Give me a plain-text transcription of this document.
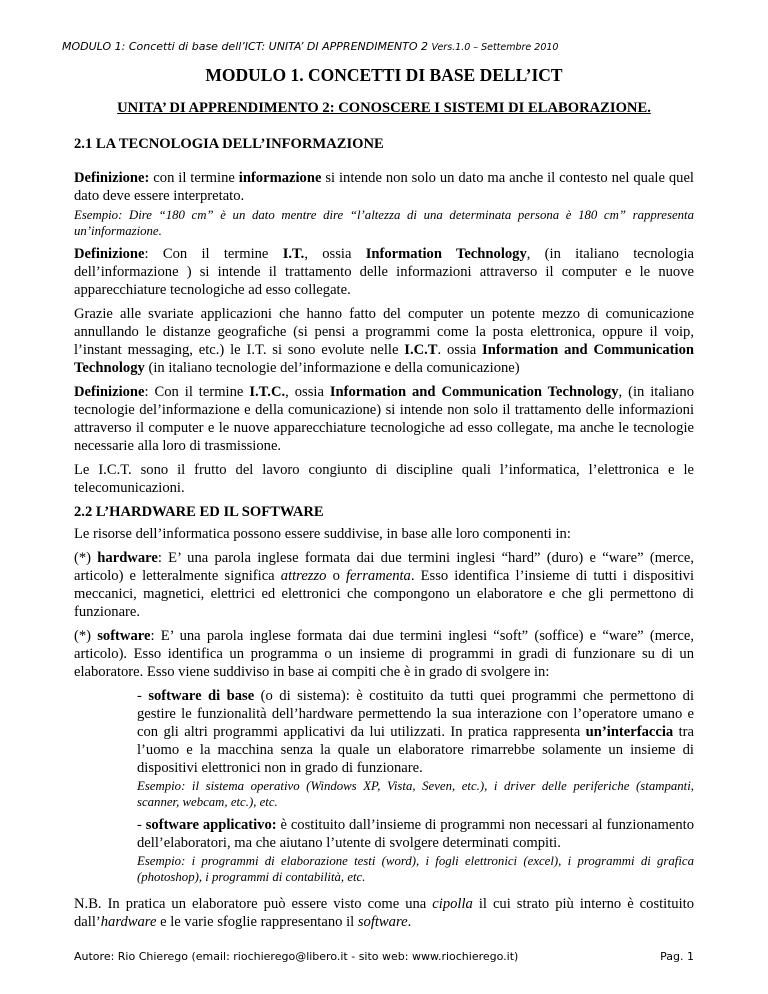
MODULO 1: Concetti di base dell’ICT: UNITA’ DI APPRENDIMENTO 2 Vers.1.0 – Settembre 2010
MODULO 1. CONCETTI DI BASE DELL’ICT
UNITA’ DI APPRENDIMENTO 2: CONOSCERE I SISTEMI DI ELABORAZIONE.
2.1 LA TECNOLOGIA DELL’INFORMAZIONE

Definizione: con il termine informazione si intende non solo un dato ma anche il contesto nel quale quel dato deve essere interpretato.

Esempio: Dire “180 cm” è un dato mentre dire “l’altezza di una determinata persona è 180 cm” rappresenta un’informazione.

Definizione: Con il termine I.T., ossia Information Technology, (in italiano tecnologia dell’informazione ) si intende il trattamento delle informazioni attraverso il computer e le nuove apparecchiature tecnologiche ad esso collegate.

Grazie alle svariate applicazioni che hanno fatto del computer un potente mezzo di comunicazione annullando le distanze geografiche (si pensi a programmi come la posta elettronica, oppure il voip, l’instant messaging, etc.) le I.T. si sono evolute nelle I.C.T. ossia Information and Communication Technology (in italiano tecnologie del’informazione e della comunicazione)

Definizione: Con il termine I.T.C., ossia Information and Communication Technology, (in italiano tecnologie del’informazione e della comunicazione) si intende non solo il trattamento delle informazioni attraverso il computer e le nuove apparecchiature tecnologiche ad esso collegate, ma anche le tecnologie necessarie alla loro di trasmissione.

Le I.C.T. sono il frutto del lavoro congiunto di discipline quali l’informatica, l’elettronica e le telecomunicazioni.

2.2 L’HARDWARE ED IL SOFTWARE

Le risorse dell’informatica possono essere suddivise, in base alle loro componenti in:

(*) hardware: E’ una parola inglese formata dai due termini inglesi “hard” (duro) e “ware” (merce, articolo) e letteralmente significa attrezzo o ferramenta. Esso identifica l’insieme di tutti i dispositivi meccanici, magnetici, elettrici ed elettronici che compongono un elaboratore e che gli permettono di funzionare.

(*) software: E’ una parola inglese formata dai due termini inglesi “soft” (soffice) e “ware” (merce, articolo). Esso identifica un programma o un insieme di programmi in gradi di funzionare su di un elaboratore. Esso viene suddiviso in base ai compiti che è in grado di svolgere in:

- software di base (o di sistema): è costituito da tutti quei programmi che permettono di gestire le funzionalità dell’hardware permettendo la sua interazione con l’operatore umano e con gli altri programmi applicativi da lui utilizzati. In pratica rappresenta un’interfaccia tra l’uomo e la macchina senza la quale un elaboratore rimarrebbe solamente un insieme di dispositivi elettronici non in grado di funzionare.

Esempio: il sistema operativo (Windows XP, Vista, Seven, etc.), i driver delle periferiche (stampanti, scanner, webcam, etc.), etc.

- software applicativo: è costituito dall’insieme di programmi non necessari al funzionamento dell’elaboratori, ma che aiutano l’utente di svolgere determinati compiti.

Esempio: i programmi di elaborazione testi (word), i fogli elettronici (excel), i programmi di grafica (photoshop), i programmi di contabilità, etc.

N.B. In pratica un elaboratore può essere visto come una cipolla il cui strato più interno è costituito dall’hardware e le varie sfoglie rappresentano il software.

Autore: Rio Chierego (email: riochierego@libero.it - sito web: www.riochierego.it)	Pag. 1
